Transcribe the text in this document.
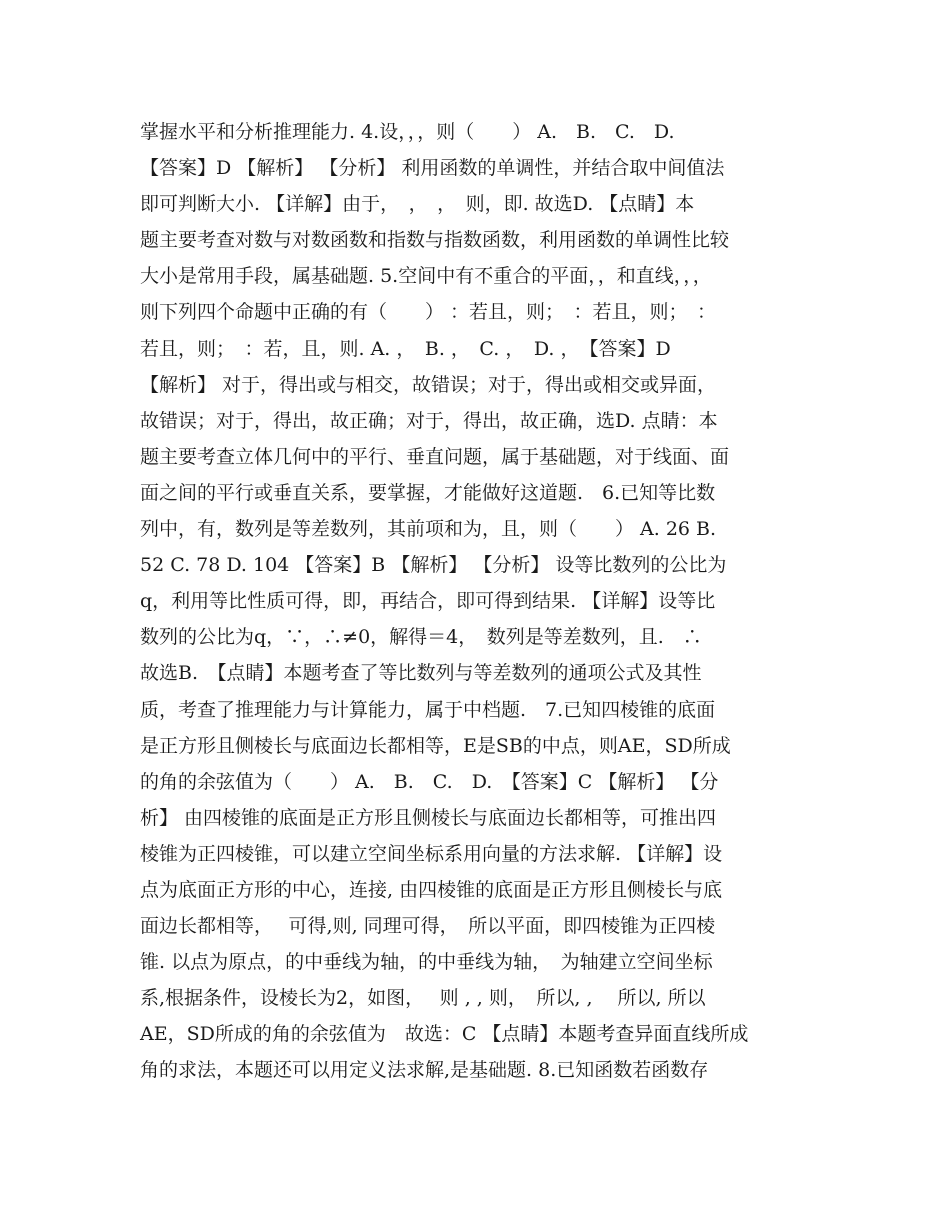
掌握水平和分析推理能力. 4.设，，，则（　　） A.　B.　C.　D.
【答案】D 【解析】 【分析】 利用函数的单调性，并结合取中间值法
即可判断大小. 【详解】由于，　，　，　则，即. 故选D. 【点睛】本
题主要考查对数与对数函数和指数与指数函数，利用函数的单调性比较
大小是常用手段，属基础题. 5.空间中有不重合的平面，，和直线，，，
则下列四个命题中正确的有（　　） ：若且，则；　：若且，则；　：
若且，则；　：若，且，则. A. ，　B. ，　C. ，　D. ，　【答案】D
【解析】 对于，得出或与相交，故错误；对于，得出或相交或异面，
故错误；对于，得出，故正确；对于，得出，故正确，选D. 点睛：本
题主要考查立体几何中的平行、垂直问题，属于基础题，对于线面、面
面之间的平行或垂直关系，要掌握，才能做好这道题.　6.已知等比数
列中，有，数列是等差数列，其前项和为，且，则（　　） A. 26 B.
52 C. 78 D. 104 【答案】B 【解析】 【分析】 设等比数列的公比为
q，利用等比性质可得，即，再结合，即可得到结果. 【详解】设等比
数列的公比为q，∵，∴≠0，解得＝4，　数列是等差数列，且.　∴
故选B.　【点睛】本题考查了等比数列与等差数列的通项公式及其性
质，考查了推理能力与计算能力，属于中档题.　7.已知四棱锥的底面
是正方形且侧棱长与底面边长都相等，E是SB的中点，则AE，SD所成
的角的余弦值为（　　） A.　B.　C.　D.　【答案】C 【解析】 【分
析】 由四棱锥的底面是正方形且侧棱长与底面边长都相等，可推出四
棱锥为正四棱锥，可以建立空间坐标系用向量的方法求解. 【详解】设
点为底面正方形的中心，连接, 由四棱锥的底面是正方形且侧棱长与底
面边长都相等，　 可得,则, 同理可得，　所以平面，即四棱锥为正四棱
锥. 以点为原点，的中垂线为轴，的中垂线为轴，　为轴建立空间坐标
系,根据条件，设棱长为2，如图，　 则 , , 则，　所以, ,　 所以, 所以
AE，SD所成的角的余弦值为　故选：C 【点睛】本题考查异面直线所成
角的求法，本题还可以用定义法求解,是基础题. 8.已知函数若函数存
